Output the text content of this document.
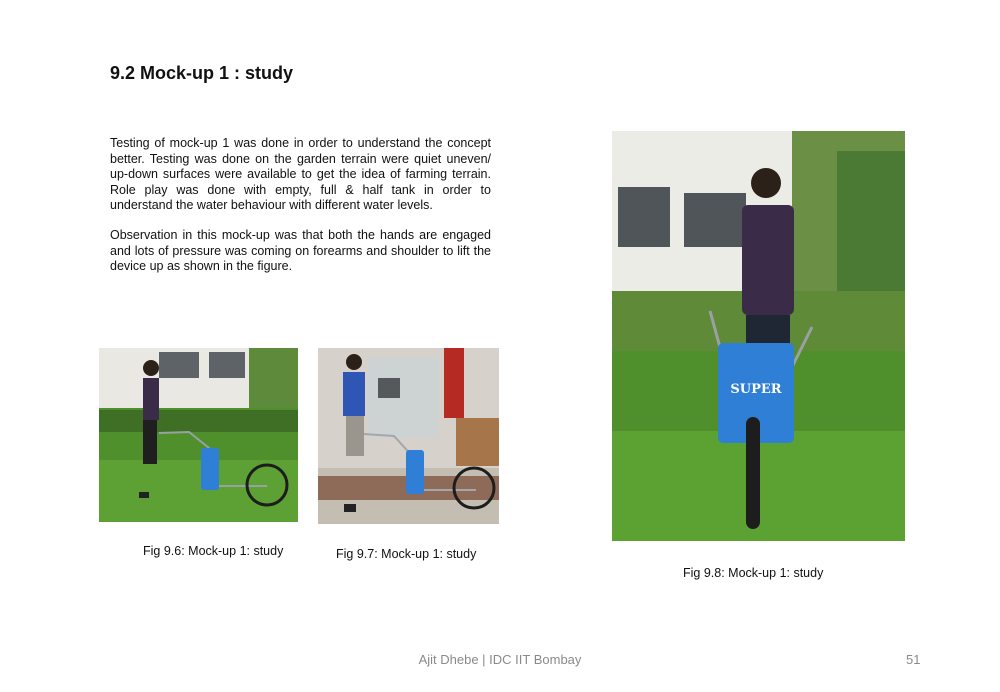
9.2 Mock-up 1 : study

Testing of mock-up 1 was done in order to understand the concept better. Testing was done on the garden terrain were quiet uneven/ up-down surfaces were available to get the idea of farming terrain. Role play was done with empty, full & half tank in order to understand the water behaviour with different water levels.

Observation in this mock-up was that both the hands are engaged and lots of pressure was coming on forearms and shoulder to lift the device up as shown in the figure.

SUPER
Fig 9.6: Mock-up 1: study	Fig 9.7: Mock-up 1: study
Fig 9.8: Mock-up 1: study
Ajit Dhebe | IDC IIT Bombay	51
